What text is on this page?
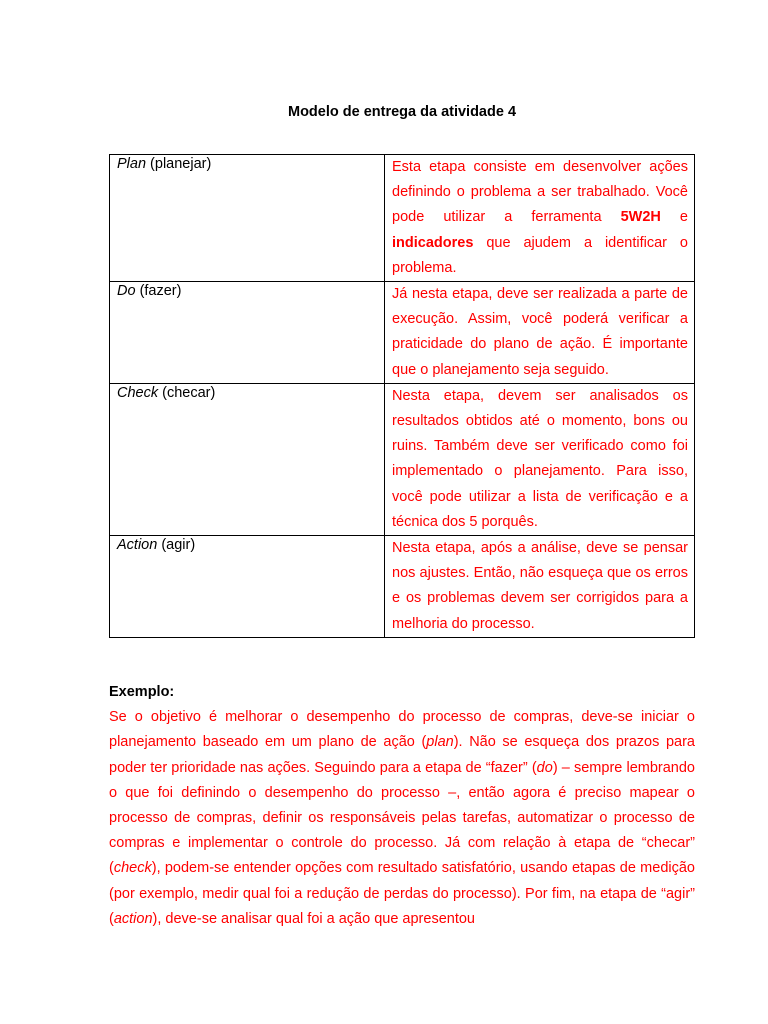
Modelo de entrega da atividade 4
Plan (planejar)	Esta etapa consiste em desenvolver ações definindo o problema a ser trabalhado. Você pode utilizar a ferramenta 5W2H e indicadores que ajudem a identificar o problema.
Do (fazer)	Já nesta etapa, deve ser realizada a parte de execução. Assim, você poderá verificar a praticidade do plano de ação. É importante que o planejamento seja seguido.
Check (checar)	Nesta etapa, devem ser analisados os resultados obtidos até o momento, bons ou ruins. Também deve ser verificado como foi implementado o planejamento. Para isso, você pode utilizar a lista de verificação e a técnica dos 5 porquês.
Action (agir)	Nesta etapa, após a análise, deve se pensar nos ajustes. Então, não esqueça que os erros e os problemas devem ser corrigidos para a melhoria do processo.
Exemplo:
Se o objetivo é melhorar o desempenho do processo de compras, deve-se iniciar o planejamento baseado em um plano de ação (plan). Não se esqueça dos prazos para poder ter prioridade nas ações. Seguindo para a etapa de “fazer” (do) – sempre lembrando o que foi definindo o desempenho do processo –, então agora é preciso mapear o processo de compras, definir os responsáveis pelas tarefas, automatizar o processo de compras e implementar o controle do processo. Já com relação à etapa de “checar” (check), podem-se entender opções com resultado satisfatório, usando etapas de medição (por exemplo, medir qual foi a redução de perdas do processo). Por fim, na etapa de “agir” (action), deve-se analisar qual foi a ação que apresentou
